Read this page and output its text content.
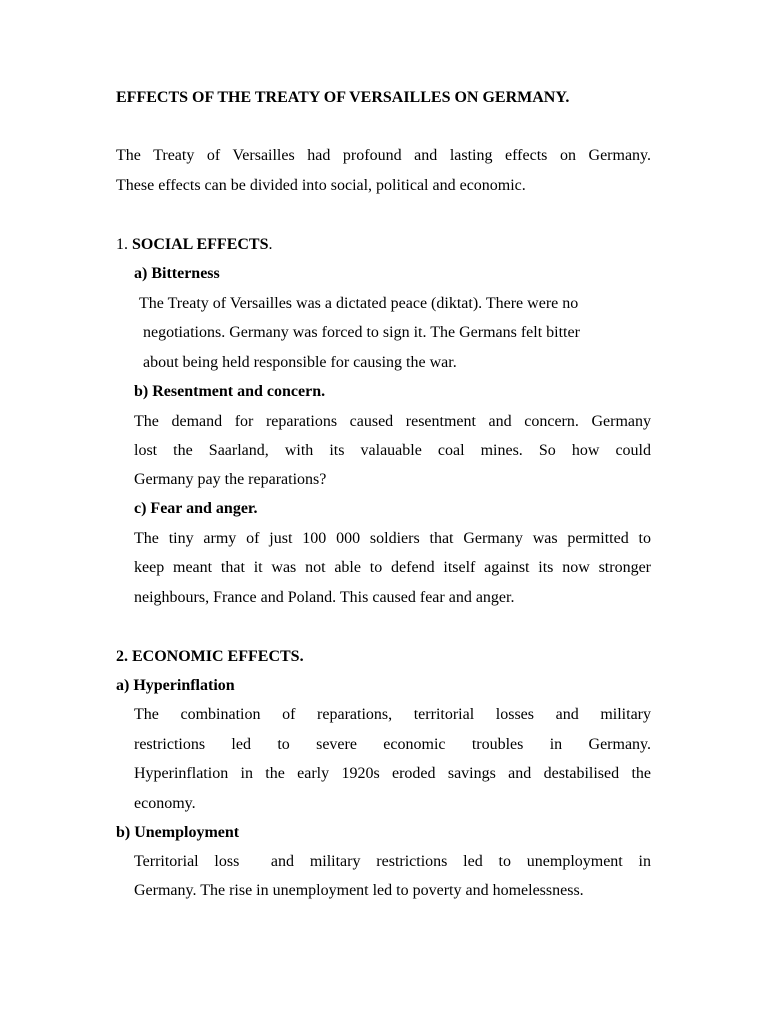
EFFECTS OF THE TREATY OF VERSAILLES ON GERMANY.
The Treaty of Versailles had profound and lasting effects on Germany.
These effects can be divided into social, political and economic.
1. SOCIAL EFFECTS.
a) Bitterness
The Treaty of Versailles was a dictated peace (diktat). There were no
negotiations. Germany was forced to sign it. The Germans felt bitter
about being held responsible for causing the war.
b) Resentment and concern.
The demand for reparations caused resentment and concern. Germany
lost the Saarland, with its valauable coal mines. So how could
Germany pay the reparations?
c) Fear and anger.
The tiny army of just 100 000 soldiers that Germany was permitted to
keep meant that it was not able to defend itself against its now stronger
neighbours, France and Poland. This caused fear and anger.
2. ECONOMIC EFFECTS.
a) Hyperinflation
The combination of reparations, territorial losses and military
restrictions led to severe economic troubles in Germany.
Hyperinflation in the early 1920s eroded savings and destabilised the
economy.
b) Unemployment
Territorial loss  and military restrictions led to unemployment in
Germany. The rise in unemployment led to poverty and homelessness.
